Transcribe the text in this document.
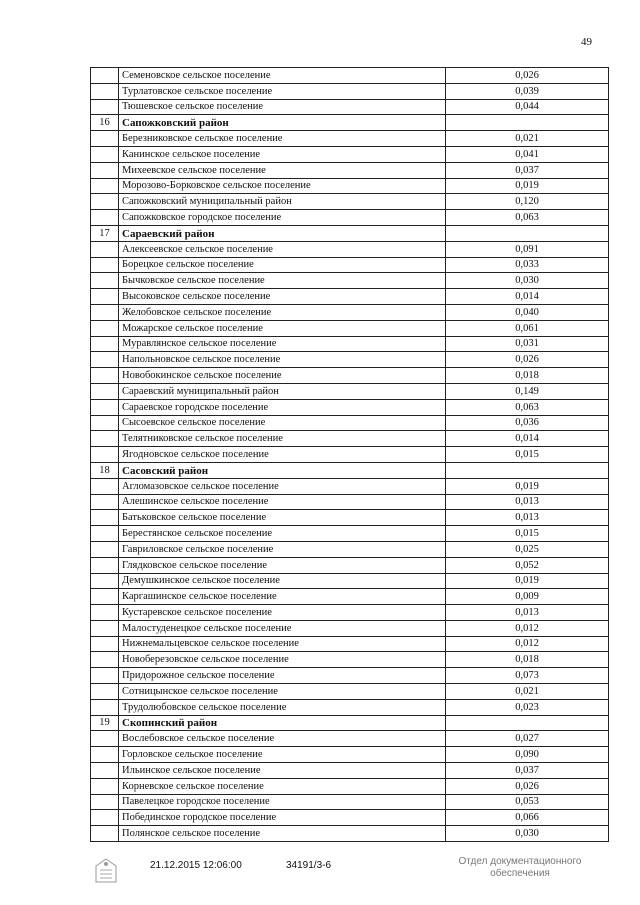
49
	Семеновское сельское поселение	0,026
	Турлатовское сельское поселение	0,039
	Тюшевское сельское поселение	0,044
16	Сапожковский район	
	Березниковское сельское поселение	0,021
	Канинское сельское поселение	0,041
	Михеевское сельское поселение	0,037
	Морозово-Борковское сельское поселение	0,019
	Сапожковский муниципальный район	0,120
	Сапожковское городское поселение	0,063
17	Сараевский район	
	Алексеевское сельское поселение	0,091
	Борецкое сельское поселение	0,033
	Бычковское сельское поселение	0,030
	Высоковское сельское поселение	0,014
	Желобовское сельское поселение	0,040
	Можарское сельское поселение	0,061
	Муравлянское сельское поселение	0,031
	Напольновское сельское поселение	0,026
	Новобокинское сельское поселение	0,018
	Сараевский муниципальный район	0,149
	Сараевское городское поселение	0,063
	Сысоевское сельское поселение	0,036
	Телятниковское сельское поселение	0,014
	Ягодновское сельское поселение	0,015
18	Сасовский район	
	Агломазовское сельское поселение	0,019
	Алешинское сельское поселение	0,013
	Батьковское сельское поселение	0,013
	Берестянское сельское поселение	0,015
	Гавриловское сельское поселение	0,025
	Глядковское сельское поселение	0,052
	Демушкинское сельское поселение	0,019
	Каргашинское сельское поселение	0,009
	Кустаревское сельское поселение	0,013
	Малостуденецкое сельское поселение	0,012
	Нижнемальцевское сельское поселение	0,012
	Новоберезовское сельское поселение	0,018
	Придорожное сельское поселение	0,073
	Сотницынское сельское поселение	0,021
	Трудолюбовское сельское поселение	0,023
19	Скопинский район	
	Вослебовское сельское поселение	0,027
	Горловское сельское поселение	0,090
	Ильинское сельское поселение	0,037
	Корневское сельское поселение	0,026
	Павелецкое городское поселение	0,053
	Побединское городское поселение	0,066
	Полянское сельское поселение	0,030
21.12.2015 12:06:00	34191/3-6	Отдел документационного
обеспечения
